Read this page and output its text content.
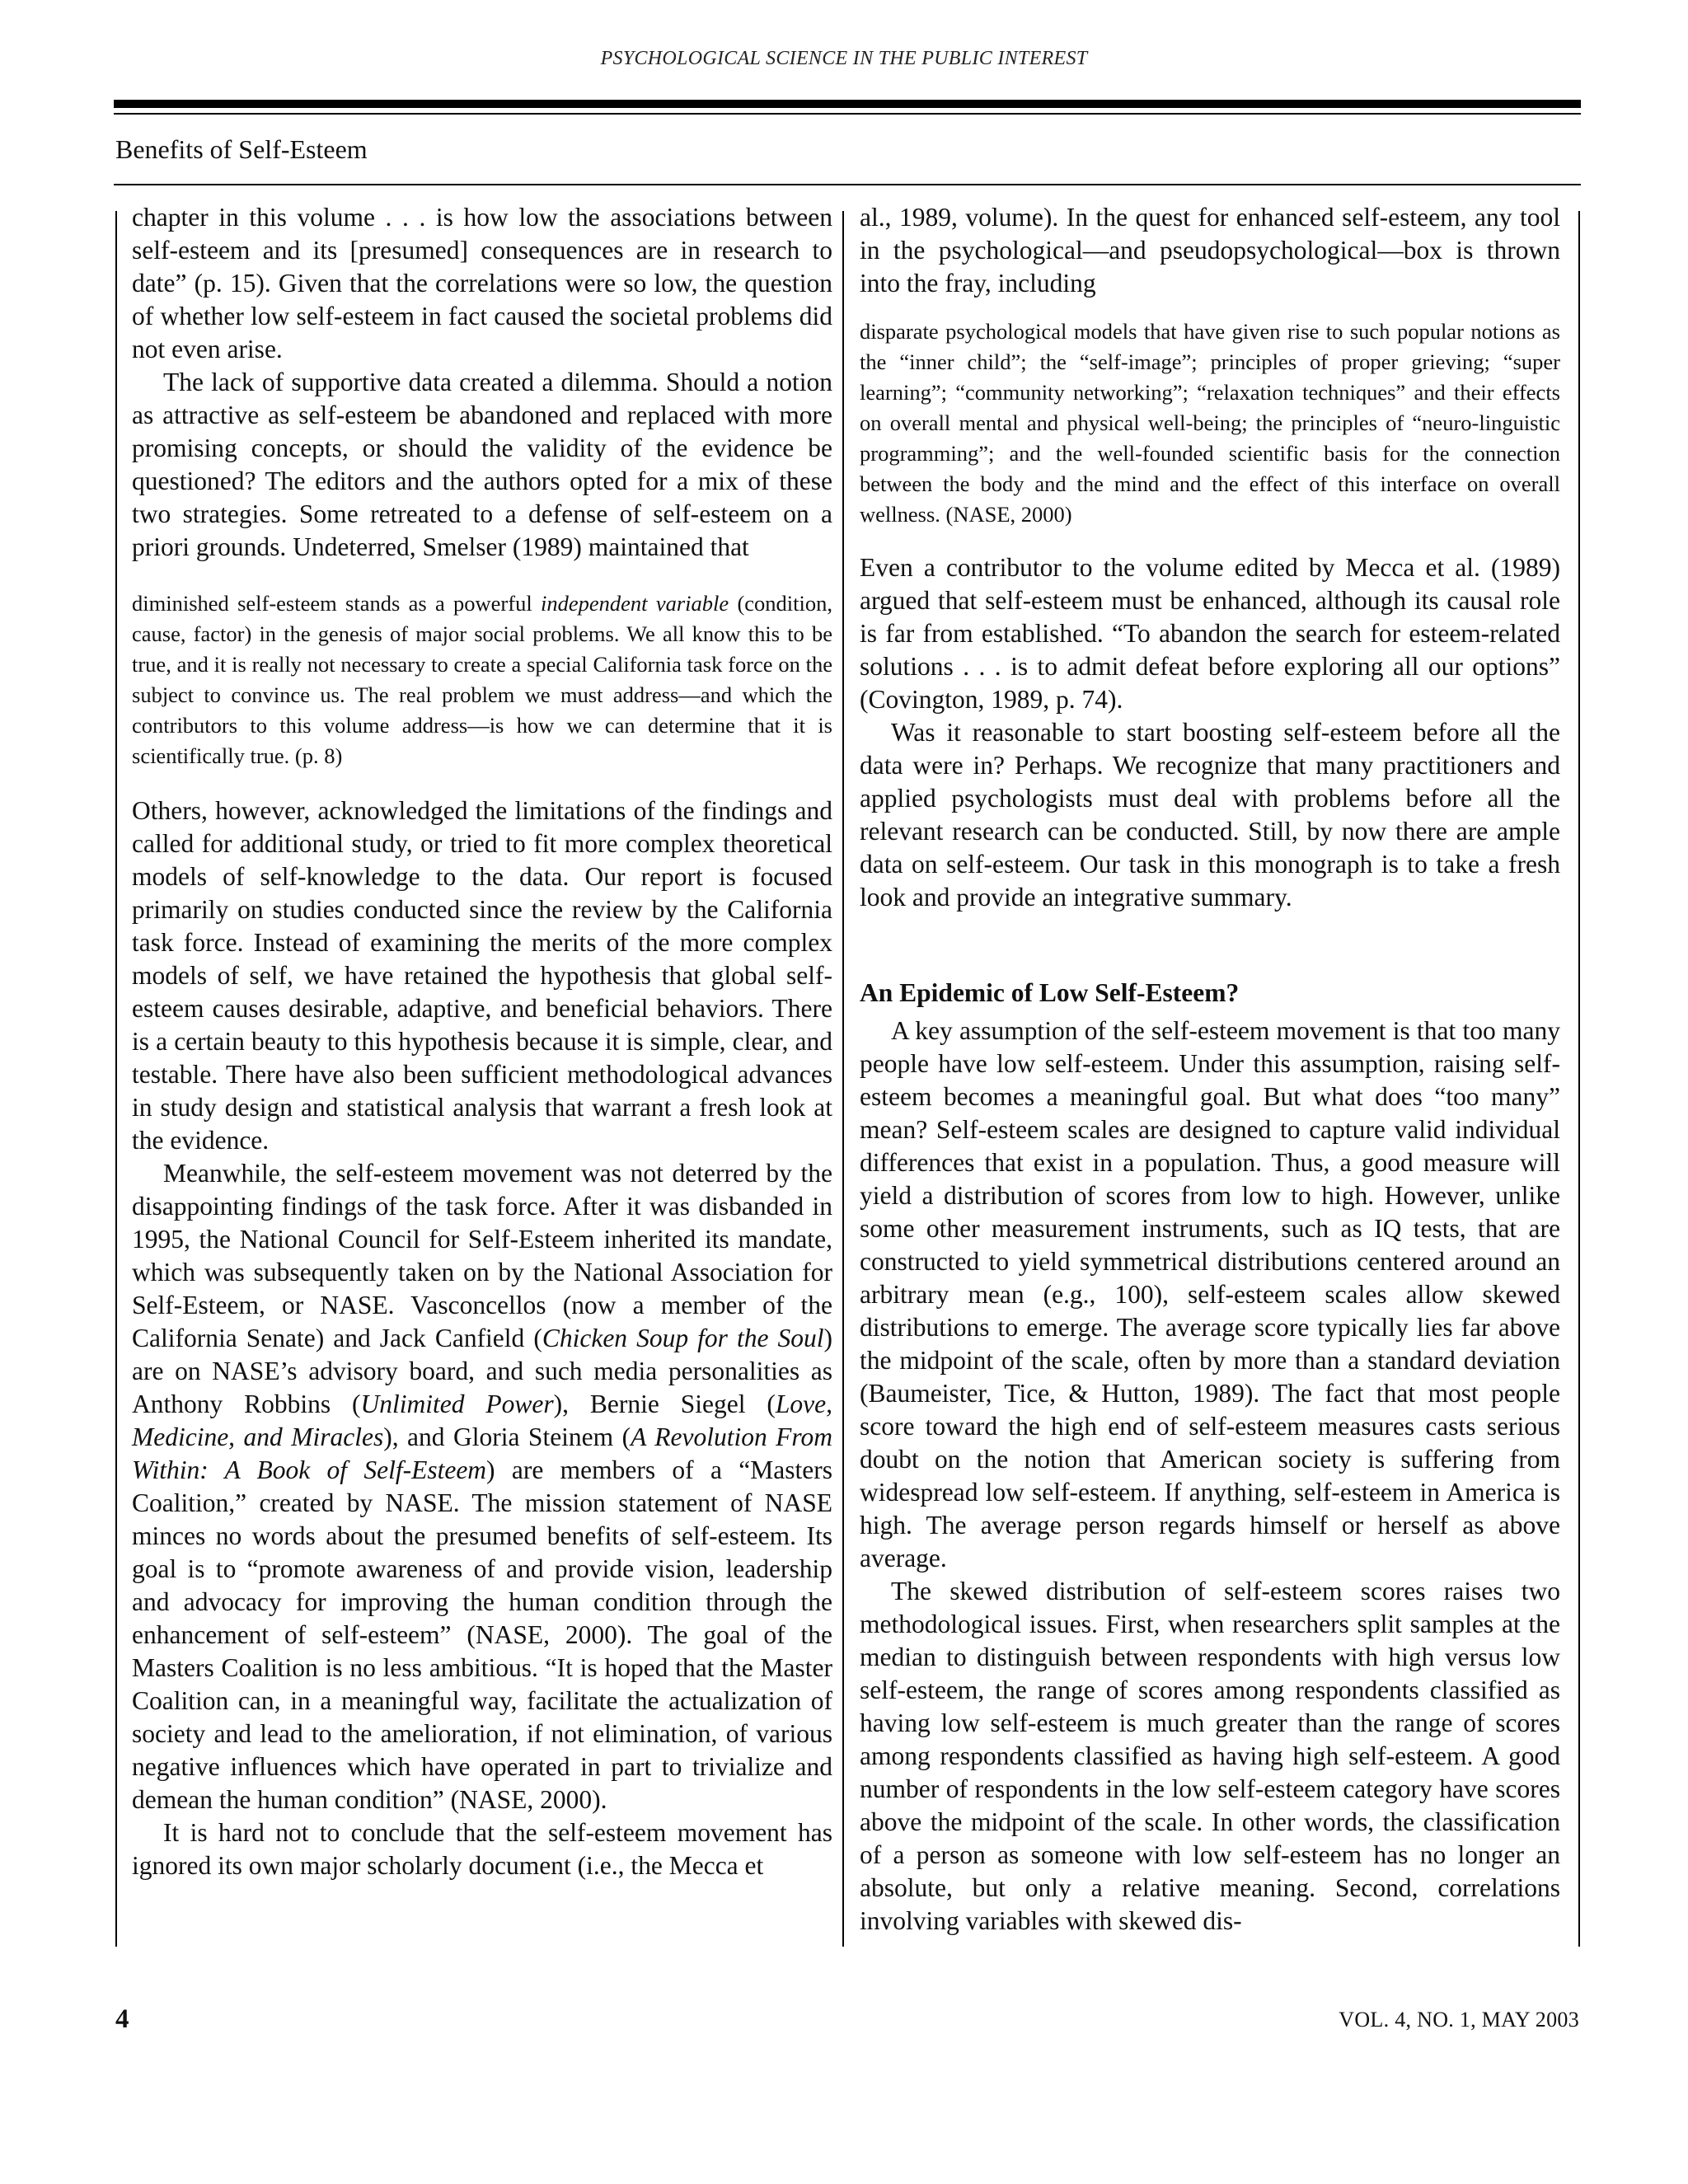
PSYCHOLOGICAL SCIENCE IN THE PUBLIC INTEREST
Benefits of Self-Esteem

chapter in this volume . . . is how low the associations between self-esteem and its [presumed] consequences are in research to date” (p. 15). Given that the correlations were so low, the question of whether low self-esteem in fact caused the societal problems did not even arise.

The lack of supportive data created a dilemma. Should a notion as attractive as self-esteem be abandoned and replaced with more promising concepts, or should the validity of the evidence be questioned? The editors and the authors opted for a mix of these two strategies. Some retreated to a defense of self-esteem on a priori grounds. Undeterred, Smelser (1989) maintained that

diminished self-esteem stands as a powerful independent variable (condition, cause, factor) in the genesis of major social problems. We all know this to be true, and it is really not necessary to create a special California task force on the subject to convince us. The real problem we must address—and which the contributors to this volume address—is how we can determine that it is scientifically true. (p. 8)

Others, however, acknowledged the limitations of the findings and called for additional study, or tried to fit more complex theoretical models of self-knowledge to the data. Our report is focused primarily on studies conducted since the review by the California task force. Instead of examining the merits of the more complex models of self, we have retained the hypothesis that global self-esteem causes desirable, adaptive, and beneficial behaviors. There is a certain beauty to this hypothesis because it is simple, clear, and testable. There have also been sufficient methodological advances in study design and statistical analysis that warrant a fresh look at the evidence.

Meanwhile, the self-esteem movement was not deterred by the disappointing findings of the task force. After it was disbanded in 1995, the National Council for Self-Esteem inherited its mandate, which was subsequently taken on by the National Association for Self-Esteem, or NASE. Vasconcellos (now a member of the California Senate) and Jack Canfield (Chicken Soup for the Soul) are on NASE’s advisory board, and such media personalities as Anthony Robbins (Unlimited Power), Bernie Siegel (Love, Medicine, and Miracles), and Gloria Steinem (A Revolution From Within: A Book of Self-Esteem) are members of a “Masters Coalition,” created by NASE. The mission statement of NASE minces no words about the presumed benefits of self-esteem. Its goal is to “promote awareness of and provide vision, leadership and advocacy for improving the human condition through the enhancement of self-esteem” (NASE, 2000). The goal of the Masters Coalition is no less ambitious. “It is hoped that the Master Coalition can, in a meaningful way, facilitate the actualization of society and lead to the amelioration, if not elimination, of various negative influences which have operated in part to trivialize and demean the human condition” (NASE, 2000).

It is hard not to conclude that the self-esteem movement has ignored its own major scholarly document (i.e., the Mecca et

al., 1989, volume). In the quest for enhanced self-esteem, any tool in the psychological—and pseudopsychological—box is thrown into the fray, including

disparate psychological models that have given rise to such popular notions as the “inner child”; the “self-image”; principles of proper grieving; “super learning”; “community networking”; “relaxation techniques” and their effects on overall mental and physical well-being; the principles of “neuro-linguistic programming”; and the well-founded scientific basis for the connection between the body and the mind and the effect of this interface on overall wellness. (NASE, 2000)

Even a contributor to the volume edited by Mecca et al. (1989) argued that self-esteem must be enhanced, although its causal role is far from established. “To abandon the search for esteem-related solutions . . . is to admit defeat before exploring all our options” (Covington, 1989, p. 74).

Was it reasonable to start boosting self-esteem before all the data were in? Perhaps. We recognize that many practitioners and applied psychologists must deal with problems before all the relevant research can be conducted. Still, by now there are ample data on self-esteem. Our task in this monograph is to take a fresh look and provide an integrative summary.

An Epidemic of Low Self-Esteem?

A key assumption of the self-esteem movement is that too many people have low self-esteem. Under this assumption, raising self-esteem becomes a meaningful goal. But what does “too many” mean? Self-esteem scales are designed to capture valid individual differences that exist in a population. Thus, a good measure will yield a distribution of scores from low to high. However, unlike some other measurement instruments, such as IQ tests, that are constructed to yield symmetrical distributions centered around an arbitrary mean (e.g., 100), self-esteem scales allow skewed distributions to emerge. The average score typically lies far above the midpoint of the scale, often by more than a standard deviation (Baumeister, Tice, & Hutton, 1989). The fact that most people score toward the high end of self-esteem measures casts serious doubt on the notion that American society is suffering from widespread low self-esteem. If anything, self-esteem in America is high. The average person regards himself or herself as above average.

The skewed distribution of self-esteem scores raises two methodological issues. First, when researchers split samples at the median to distinguish between respondents with high versus low self-esteem, the range of scores among respondents classified as having low self-esteem is much greater than the range of scores among respondents classified as having high self-esteem. A good number of respondents in the low self-esteem category have scores above the midpoint of the scale. In other words, the classification of a person as someone with low self-esteem has no longer an absolute, but only a relative meaning. Second, correlations involving variables with skewed dis-

4	VOL. 4, NO. 1, MAY 2003
